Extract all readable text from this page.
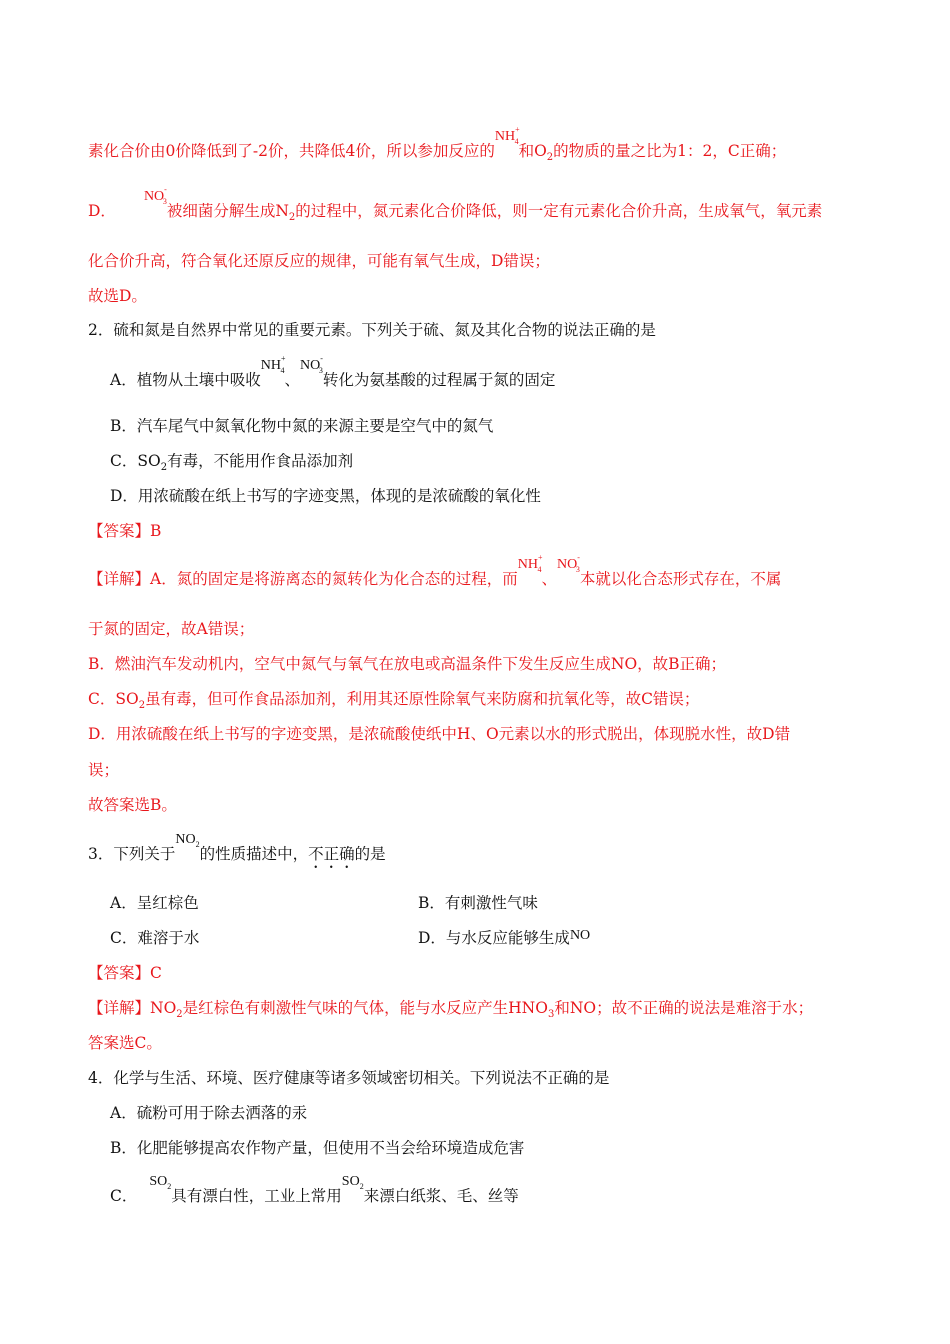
素化合价由0价降低到了-2价，共降低4价，所以参加反应的$NH^+_4$和$O_2$的物质的量之比为1：2，C正确；
D．$NO^-_3$被细菌分解生成$N_2$的过程中，氮元素化合价降低，则一定有元素化合价升高，生成氧气，氧元素
化合价升高，符合氧化还原反应的规律，可能有氧气生成，D错误；
故选D。
2．硫和氮是自然界中常见的重要元素。下列关于硫、氮及其化合物的说法正确的是
A．植物从土壤中吸收$NH^+_4$、$NO^-_3$转化为氨基酸的过程属于氮的固定
B．汽车尾气中氮氧化物中氮的来源主要是空气中的氮气
C．$SO_2$有毒，不能用作食品添加剂
D．用浓硫酸在纸上书写的字迹变黑，体现的是浓硫酸的氧化性
【答案】B
【详解】A．氮的固定是将游离态的氮转化为化合态的过程，而$NH^+_4$、$NO^-_3$本就以化合态形式存在，不属
于氮的固定，故A错误；
B．燃油汽车发动机内，空气中氮气与氧气在放电或高温条件下发生反应生成NO，故B正确；
C．$SO_2$虽有毒，但可作食品添加剂，利用其还原性除氧气来防腐和抗氧化等，故C错误；
D．用浓硫酸在纸上书写的字迹变黑，是浓硫酸使纸中H、O元素以水的形式脱出，体现脱水性，故D错
误；
故答案选B。
3．下列关于$NO_2$的性质描述中，不正确的是
A．呈红棕色	B．有刺激性气味
C．难溶于水	D．与水反应能够生成NO
【答案】C
【详解】$NO_2$是红棕色有刺激性气味的气体，能与水反应产生$HNO_3$和NO；故不正确的说法是难溶于水；
答案选C。
4．化学与生活、环境、医疗健康等诸多领域密切相关。下列说法不正确的是
A．硫粉可用于除去洒落的汞
B．化肥能够提高农作物产量，但使用不当会给环境造成危害
C．$SO_2$具有漂白性，工业上常用$SO_2$来漂白纸浆、毛、丝等
